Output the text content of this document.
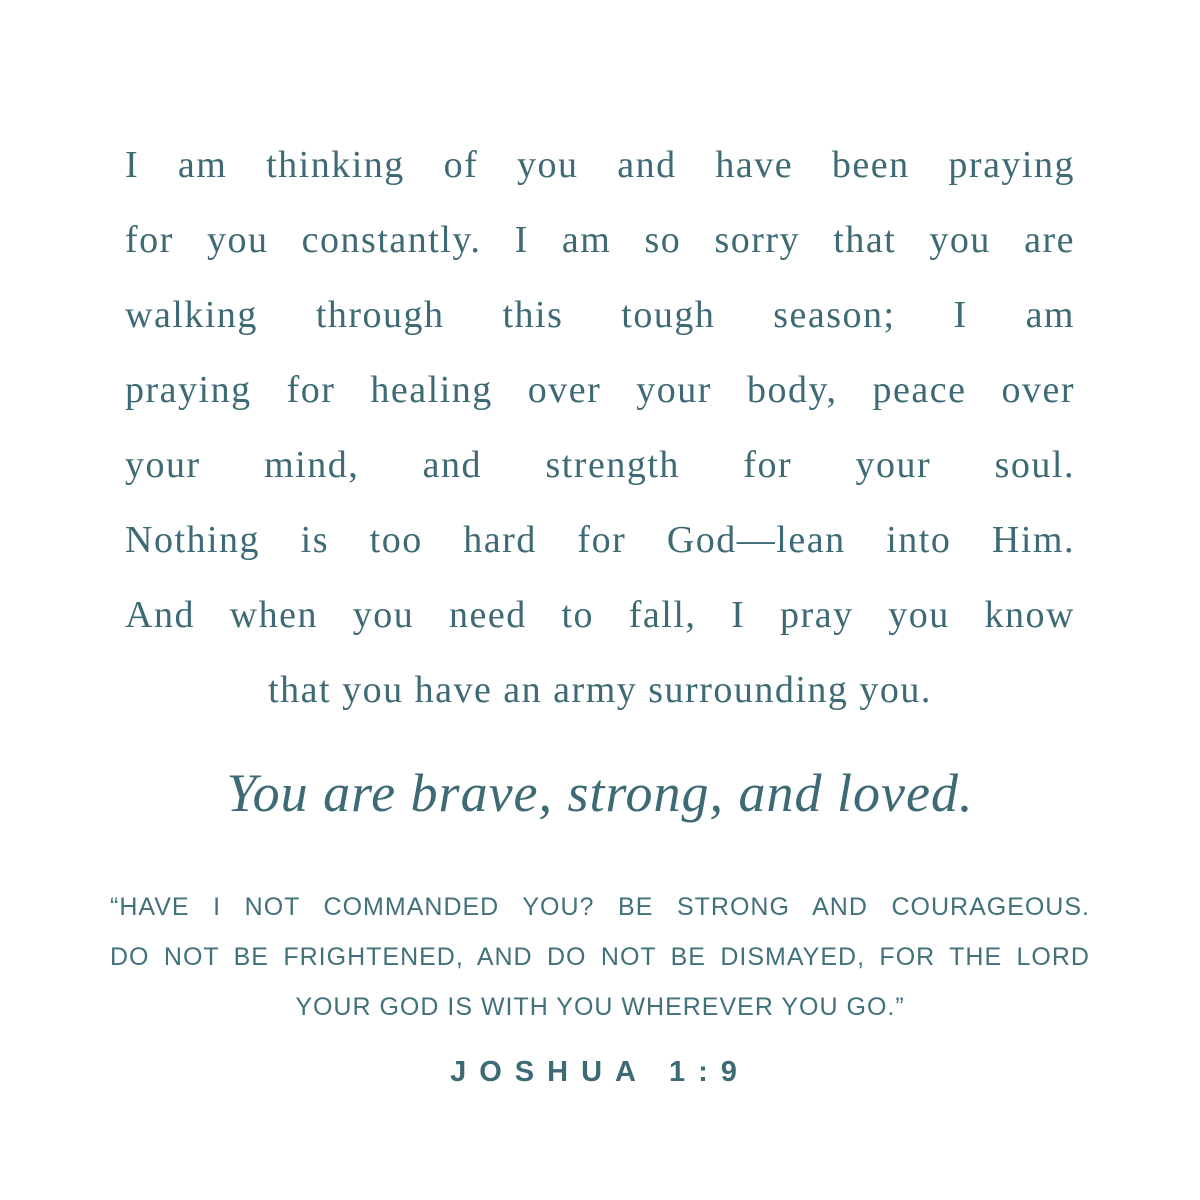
I am thinking of you and have been praying
for you constantly. I am so sorry that you are
walking through this tough season; I am
praying for healing over your body, peace over
your mind, and strength for your soul.
Nothing is too hard for God—lean into Him.
And when you need to fall, I pray you know
that you have an army surrounding you.
You are brave, strong, and loved.
“HAVE I NOT COMMANDED YOU? BE STRONG AND COURAGEOUS.
DO NOT BE FRIGHTENED, AND DO NOT BE DISMAYED, FOR THE LORD
YOUR GOD IS WITH YOU WHEREVER YOU GO.”
JOSHUA 1:9
